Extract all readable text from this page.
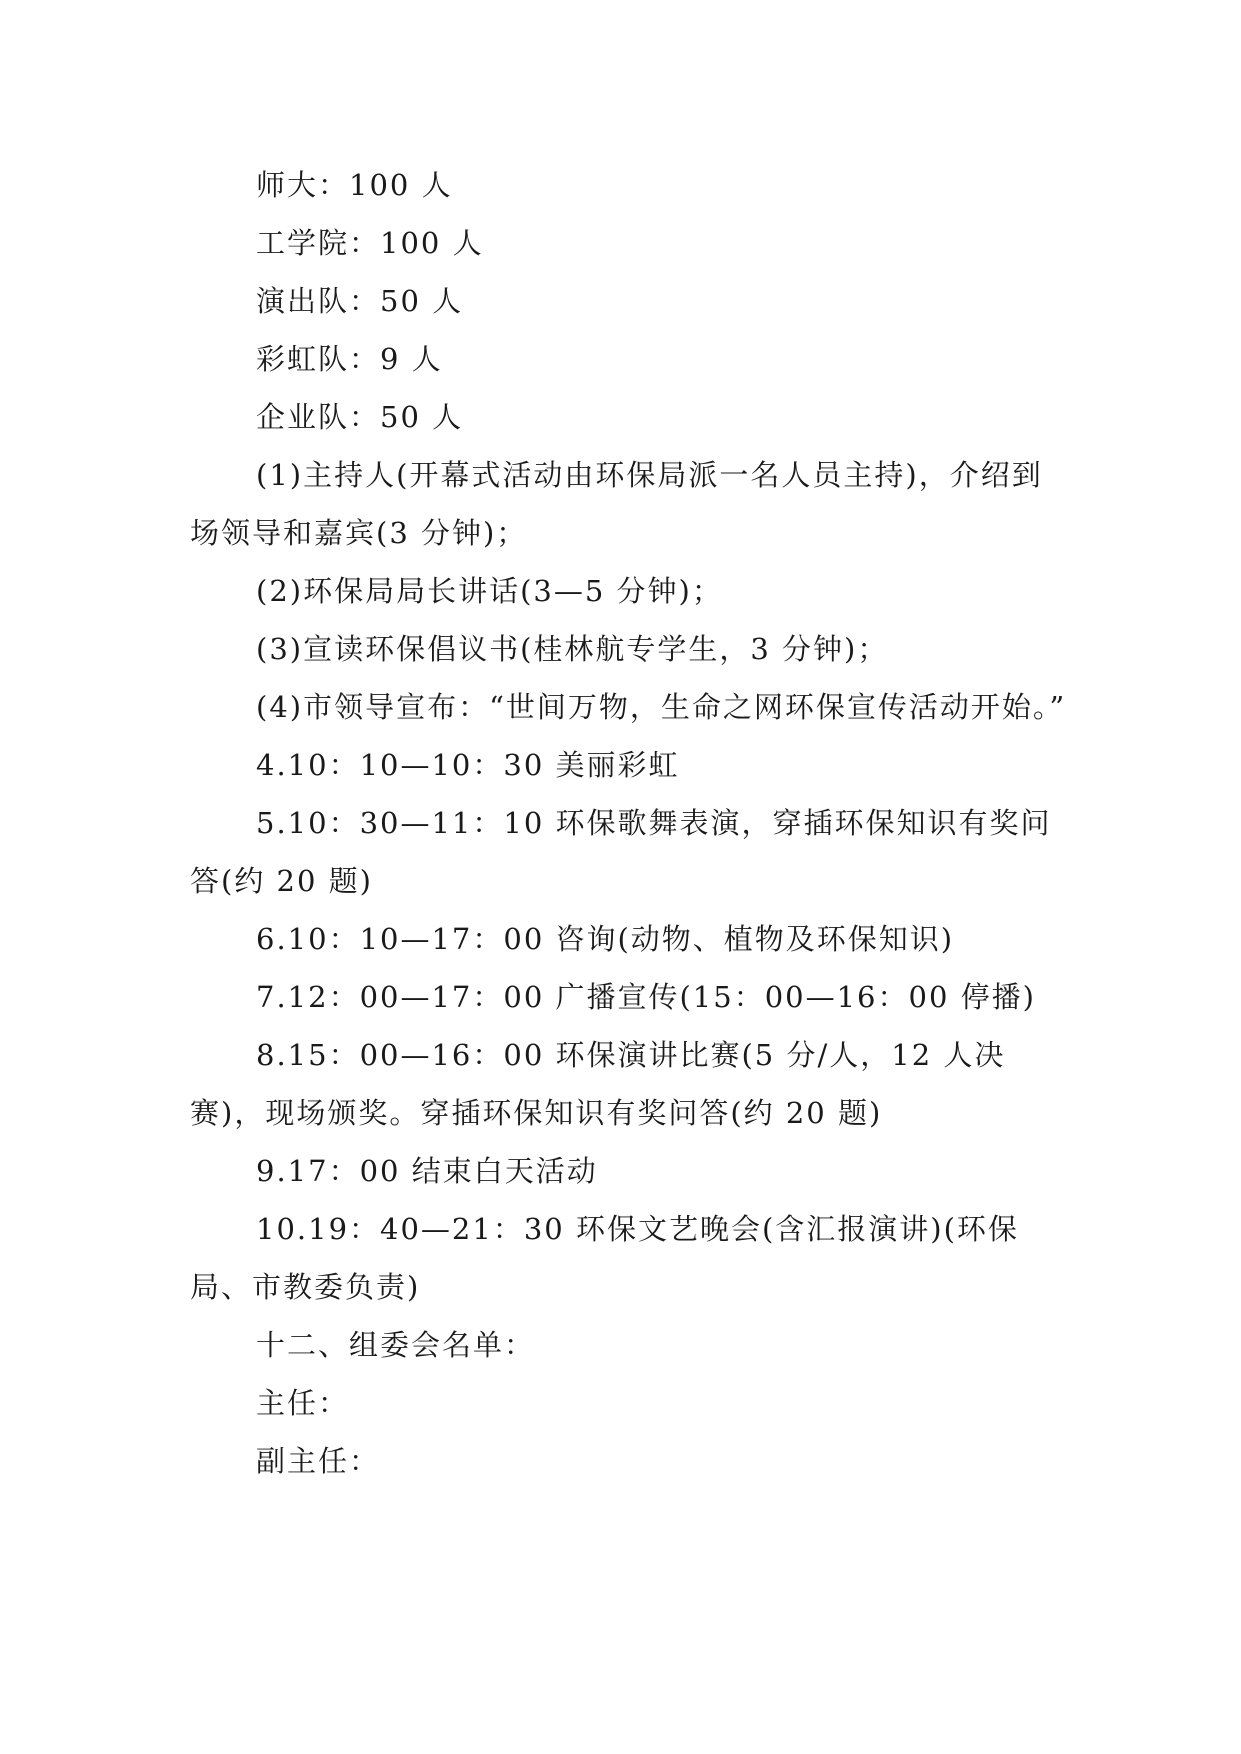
师大：100 人

工学院：100 人

演出队：50 人

彩虹队：9 人

企业队：50 人

(1)主持人(开幕式活动由环保局派一名人员主持)，介绍到场领导和嘉宾(3 分钟)；

(2)环保局局长讲话(3—5 分钟)；

(3)宣读环保倡议书(桂林航专学生，3 分钟)；

(4)市领导宣布：“世间万物，生命之网环保宣传活动开始。”

4.10：10—10：30 美丽彩虹

5.10：30—11：10 环保歌舞表演，穿插环保知识有奖问答(约 20 题)

6.10：10—17：00 咨询(动物、植物及环保知识)

7.12：00—17：00 广播宣传(15：00—16：00 停播)

8.15：00—16：00 环保演讲比赛(5 分/人，12 人决赛)，现场颁奖。穿插环保知识有奖问答(约 20 题)

9.17：00 结束白天活动

10.19：40—21：30 环保文艺晚会(含汇报演讲)(环保局、市教委负责)

十二、组委会名单：

主任：

副主任：
